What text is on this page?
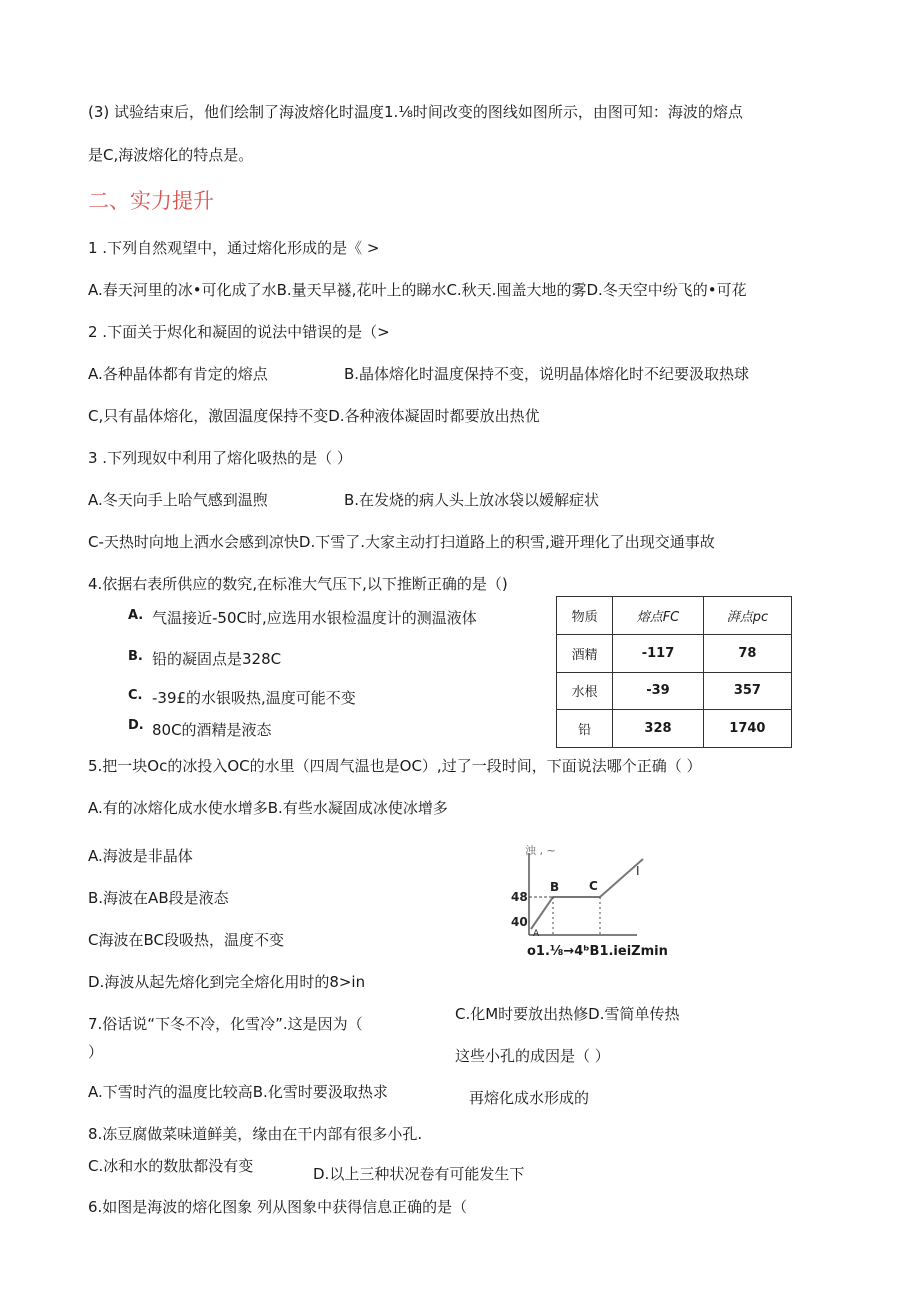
(3) 试验结束后，他们绘制了海波熔化时温度1.⅛时间改变的图线如图所示，由图可知：海波的熔点
是C,海波熔化的特点是。
二、实力提升
1 .下列自然观望中，通过熔化形成的是《 >
A.春天河里的冰•可化成了水B.量天早襚,花叶上的睇水C.秋天.囤盖大地的雾D.冬天空中纷飞的•可花
2 .下面关于烬化和凝固的说法中错误的是（>
A.各种晶体都有肯定的熔点	B.晶体熔化时温度保持不变，说明晶体熔化时不纪要汲取热球
C,只有晶体熔化，激固温度保持不变D.各种液体凝固时都要放出热优
3 .下列现奴中利用了熔化吸热的是（ ）
A.冬天向手上哈气感到温煦	B.在发烧的病人头上放冰袋以嫒解症状
C-天热时向地上洒水会感到凉快D.下雪了.大家主动打扫道路上的积雪,避开理化了出现交通事故
4.依据右表所供应的数究,在标准大气压下,以下推断正确的是（)
A. 气温接近-50C时,应选用水银检温度计的测温液体
B. 铅的凝固点是328C
C. -39£的水银吸热,温度可能不变
D. 80C的酒精是液态
物质	熔点FC	湃点pc
酒精	-117	78
水根	-39	357
铅	328	1740
5.把一块Oc的冰投入OC的水里（四周气温也是OC）,过了一段时间，下面说法哪个正确（ ）
A.有的冰熔化成水使水增多B.有些水凝固成冰使冰增多
A.海波是非晶体
B.海波在AB段是液态
C海波在BC段吸热，温度不变
D.海波从起先熔化到完全熔化用时的8>in
浊 , ~
48
40
A
B C
I
o1.⅛→4ᵇB1.ieiZmin
7.俗话说“下冬不冷，化雪冷”.这是因为（
）
C.化M时要放出热修D.雪简单传热
这些小孔的成因是（ ）
A.下雪时汽的温度比较高B.化雪时要汲取热求	再熔化成水形成的
8.冻豆腐做菜味道鲜美，缘由在干内部有很多小孔.
C.冰和水的数肽都没有变	D.以上三种状况卷有可能发生下
6.如图是海波的熔化图象 列从图象中获得信息正确的是（
